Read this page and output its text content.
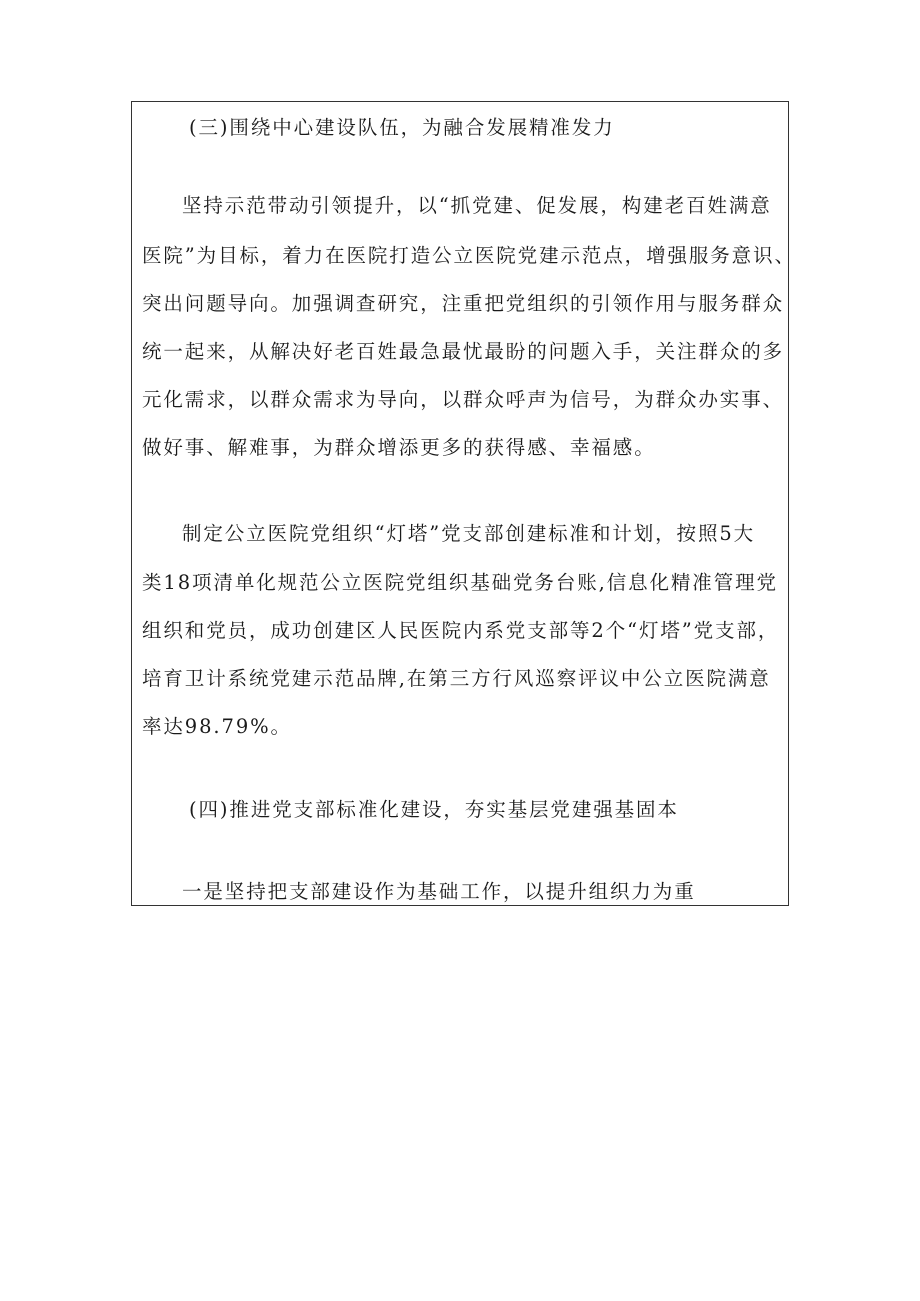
(三)围绕中心建设队伍，为融合发展精准发力
坚持示范带动引领提升，以“抓党建、促发展，构建老百姓满意
医院”为目标，着力在医院打造公立医院党建示范点，增强服务意识、
突出问题导向。加强调查研究，注重把党组织的引领作用与服务群众
统一起来，从解决好老百姓最急最忧最盼的问题入手，关注群众的多
元化需求，以群众需求为导向，以群众呼声为信号，为群众办实事、
做好事、解难事，为群众增添更多的获得感、幸福感。
制定公立医院党组织“灯塔”党支部创建标准和计划，按照5大
类18项清单化规范公立医院党组织基础党务台账,信息化精准管理党
组织和党员，成功创建区人民医院内系党支部等2个“灯塔”党支部，
培育卫计系统党建示范品牌,在第三方行风巡察评议中公立医院满意
率达98.79%。
(四)推进党支部标准化建设，夯实基层党建强基固本
一是坚持把支部建设作为基础工作，以提升组织力为重
